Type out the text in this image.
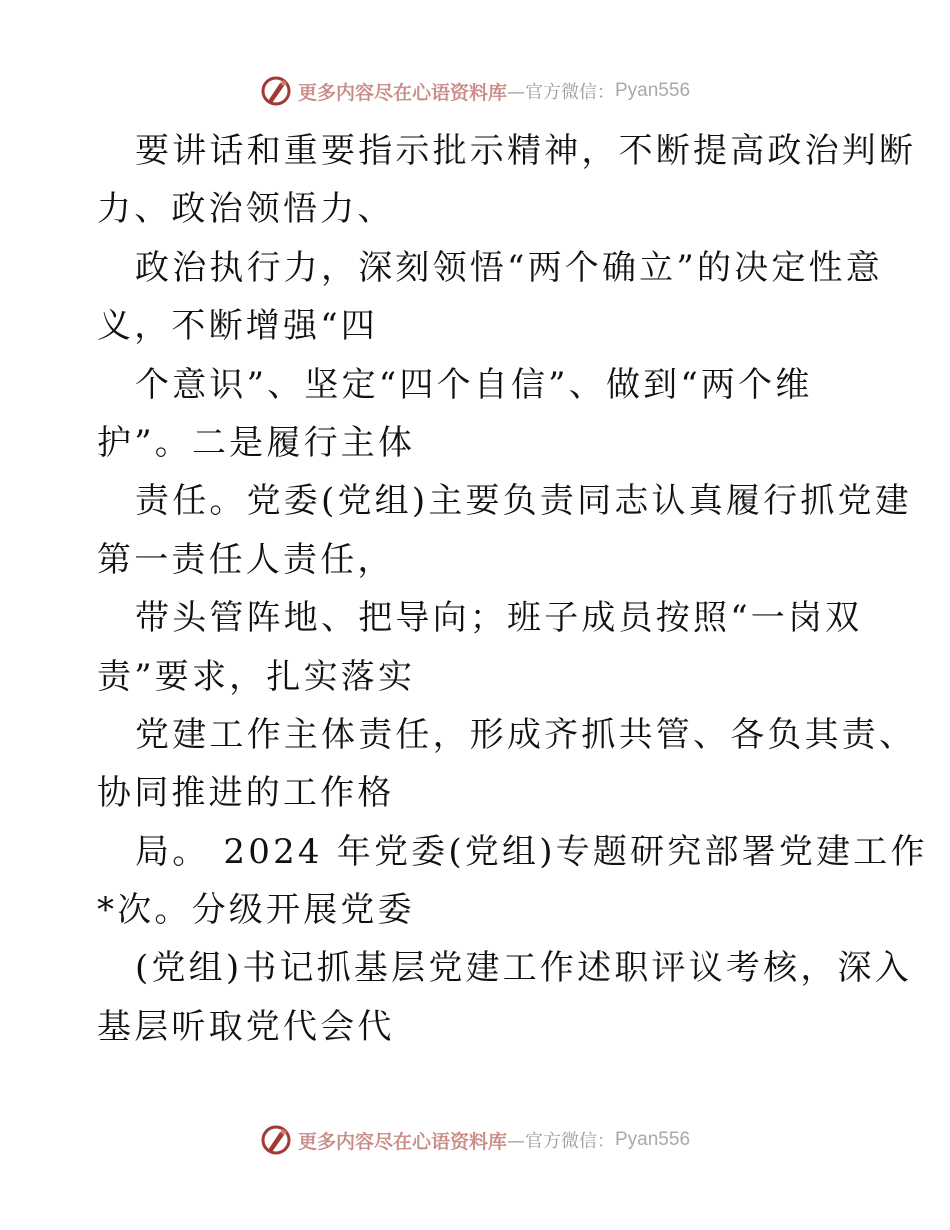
更多内容尽在心语资料库 —官方微信： Pyan556
要讲话和重要指示批示精神，不断提高政治判断
力、政治领悟力、
政治执行力，深刻领悟“两个确立”的决定性意
义，不断增强“四
个意识”、坚定“四个自信”、做到“两个维
护”。二是履行主体
责任。党委(党组)主要负责同志认真履行抓党建
第一责任人责任，
带头管阵地、把导向；班子成员按照“一岗双
责”要求，扎实落实
党建工作主体责任，形成齐抓共管、各负其责、
协同推进的工作格
局。 2024 年党委(党组)专题研究部署党建工作
*次。分级开展党委
(党组)书记抓基层党建工作述职评议考核，深入
基层听取党代会代
更多内容尽在心语资料库 —官方微信： Pyan556
